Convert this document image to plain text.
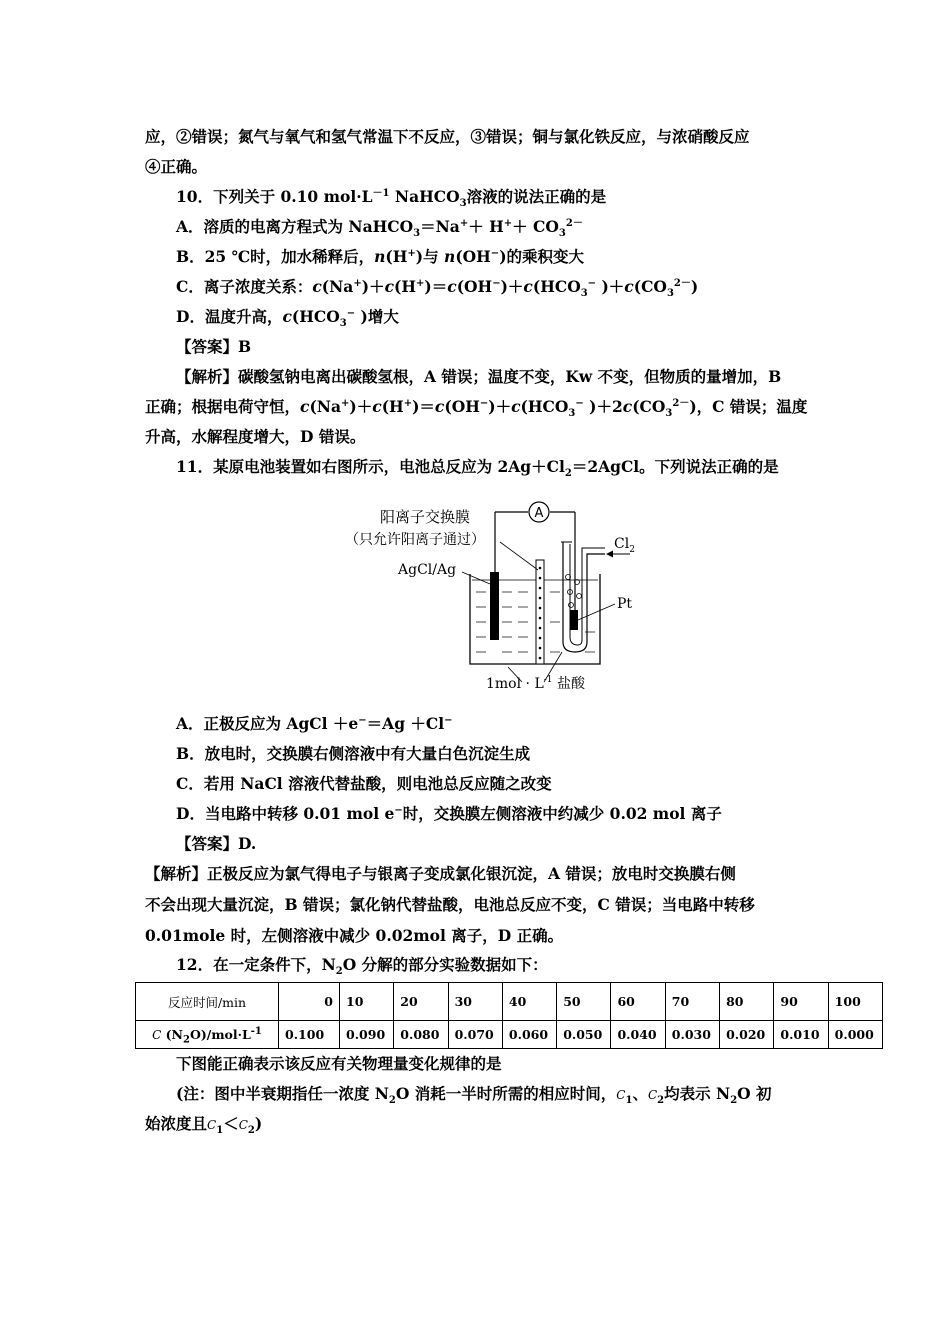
应，②错误；氮气与氧气和氢气常温下不反应，③错误；铜与氯化铁反应，与浓硝酸反应
④正确。
10．下列关于 0.10 $mol\cdot L^{-1}$ NaHCO$_3$溶液的说法正确的是
A．溶质的电离方程式为 NaHCO$_3$＝Na+＋ $H^++ CO_3^{2-}$
B．25 ℃时，加水稀释后，n(H+)与 n(OH−)的乘积变大
C．离子浓度关系：$c(Na^+)+c(H^+)=c(OH^-)+c(HCO_3^-$ )$+c(CO_3^{2-})$
D．温度升高，$c(HCO_3^-$ )增大
【答案】B
【解析】碳酸氢钠电离出碳酸氢根，A 错误；温度不变，Kw 不变，但物质的量增加，B
正确；根据电荷守恒，$c(Na^+)+c(H^+)=c(OH^-)+c(HCO_3^-$ )$+2c(CO_3^{2-})$，C 错误；温度
升高，水解程度增大，D 错误。
11．某原电池装置如右图所示，电池总反应为 $2Ag+Cl_2=2AgCl$。下列说法正确的是
A
阳离子交换膜
（只允许阳离子通过）
AgCl/Ag
$Cl_2$
Pt
$1mol \cdot L^{-1}$ 盐酸
A．正极反应为 AgCl ＋e−＝Ag ＋Cl−
B．放电时，交换膜右侧溶液中有大量白色沉淀生成
C．若用 NaCl 溶液代替盐酸，则电池总反应随之改变
D．当电路中转移 0.01 mol e−时，交换膜左侧溶液中约减少 0.02 mol 离子
【答案】D.
【解析】正极反应为氯气得电子与银离子变成氯化银沉淀，A 错误；放电时交换膜右侧
不会出现大量沉淀，B 错误；氯化钠代替盐酸，电池总反应不变，C 错误；当电路中转移
0.01mole 时，左侧溶液中减少 0.02mol 离子，D 正确。
12．在一定条件下，$N_2O$ 分解的部分实验数据如下：
反应时间/min	0	10	20	30	40	50	60	70	80	90	100
C $(N_2O)/mol\cdot L^{-1}$	0.100	0.090	0.080	0.070	0.060	0.050	0.040	0.030	0.020	0.010	0.000
下图能正确表示该反应有关物理量变化规律的是
(注：图中半衰期指任一浓度 $N_2O$ 消耗一半时所需的相应时间，$C_1$、$C_2$均表示 $N_2O$ 初
始浓度且$C_1<C_2$)
